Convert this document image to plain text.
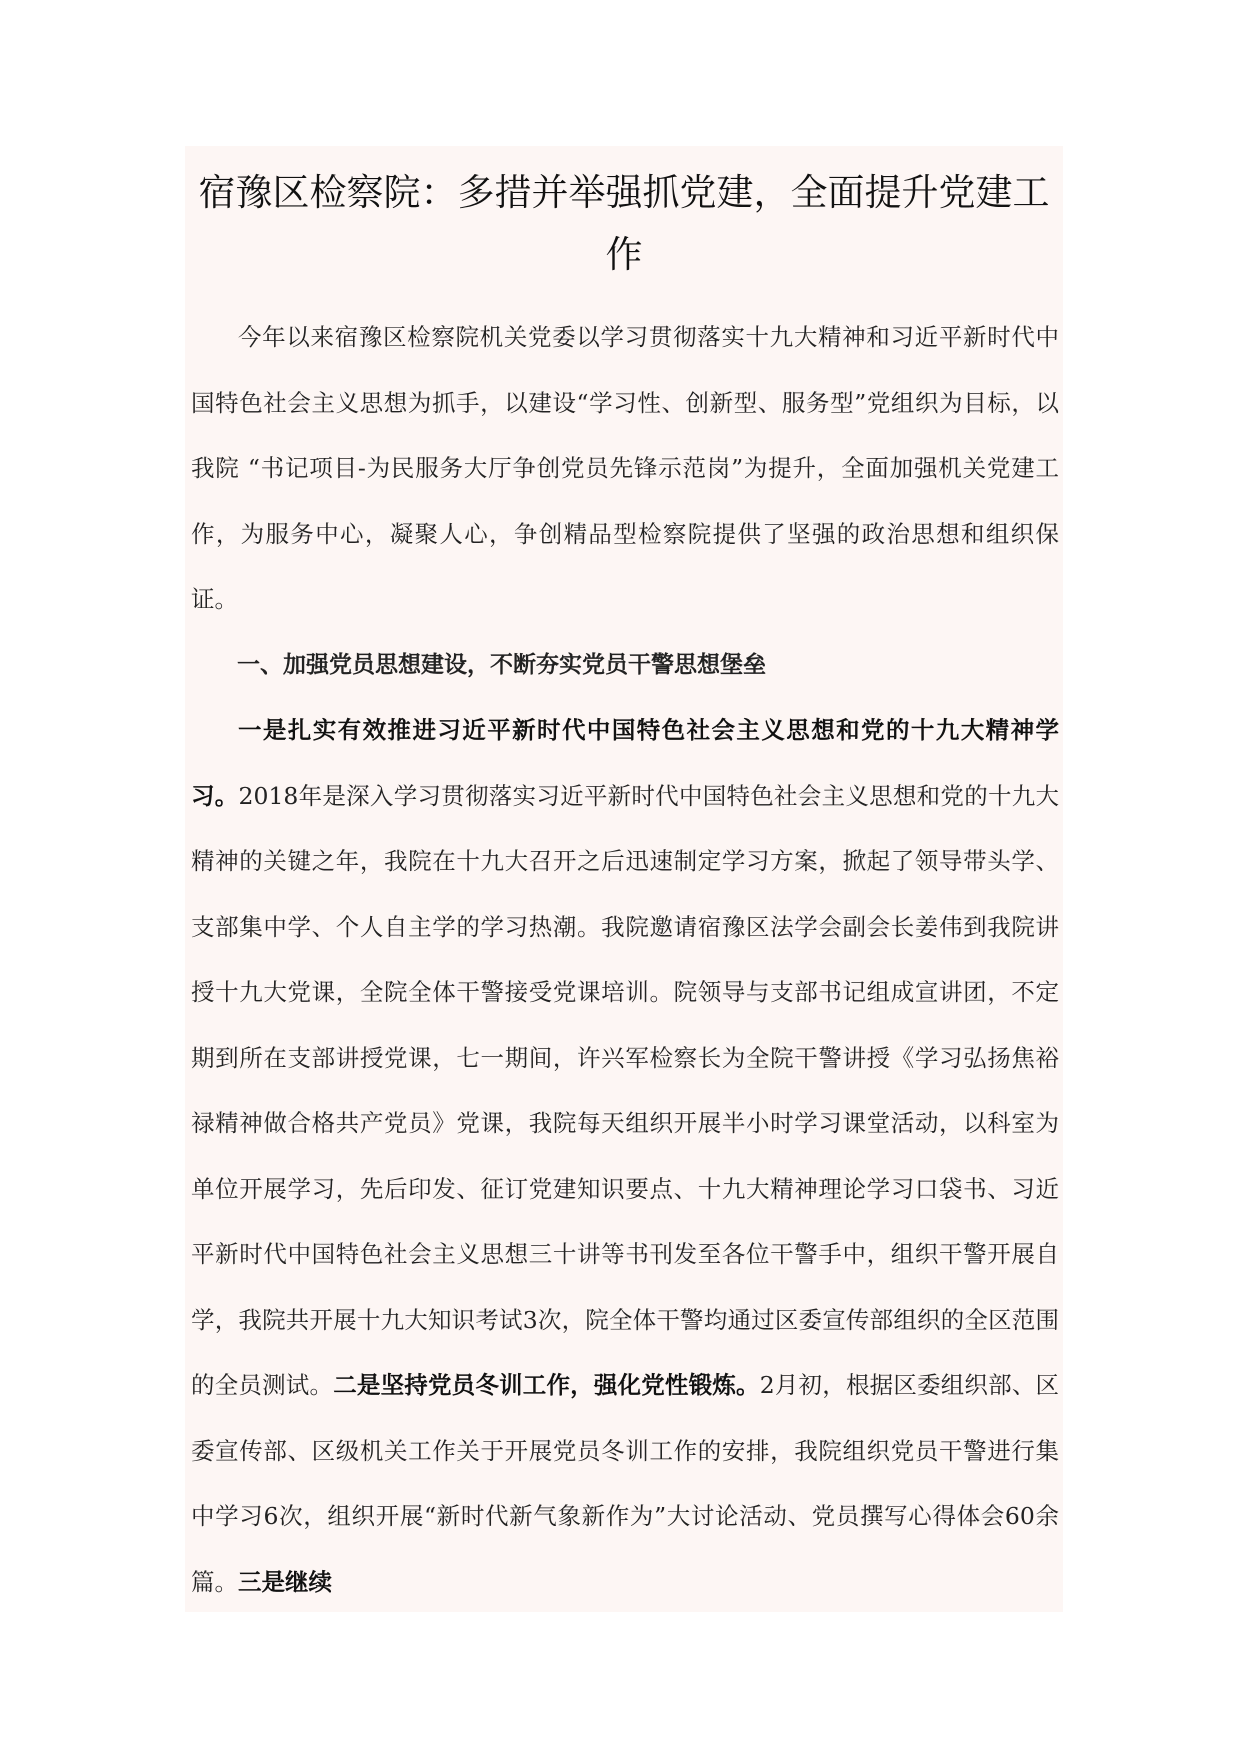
宿豫区检察院：多措并举强抓党建，全面提升党建工作

今年以来宿豫区检察院机关党委以学习贯彻落实十九大精神和习近平新时代中国特色社会主义思想为抓手，以建设“学习性、创新型、服务型”党组织为目标，以我院 “书记项目-为民服务大厅争创党员先锋示范岗”为提升，全面加强机关党建工作，为服务中心，凝聚人心，争创精品型检察院提供了坚强的政治思想和组织保证。

一、加强党员思想建设，不断夯实党员干警思想堡垒

一是扎实有效推进习近平新时代中国特色社会主义思想和党的十九大精神学习。2018年是深入学习贯彻落实习近平新时代中国特色社会主义思想和党的十九大精神的关键之年，我院在十九大召开之后迅速制定学习方案，掀起了领导带头学、支部集中学、个人自主学的学习热潮。我院邀请宿豫区法学会副会长姜伟到我院讲授十九大党课，全院全体干警接受党课培训。院领导与支部书记组成宣讲团，不定期到所在支部讲授党课，七一期间，许兴军检察长为全院干警讲授《学习弘扬焦裕禄精神做合格共产党员》党课，我院每天组织开展半小时学习课堂活动，以科室为单位开展学习，先后印发、征订党建知识要点、十九大精神理论学习口袋书、习近平新时代中国特色社会主义思想三十讲等书刊发至各位干警手中，组织干警开展自学，我院共开展十九大知识考试3次，院全体干警均通过区委宣传部组织的全区范围的全员测试。二是坚持党员冬训工作，强化党性锻炼。2月初，根据区委组织部、区委宣传部、区级机关工作关于开展党员冬训工作的安排，我院组织党员干警进行集中学习6次，组织开展“新时代新气象新作为”大讨论活动、党员撰写心得体会60余篇。三是继续
